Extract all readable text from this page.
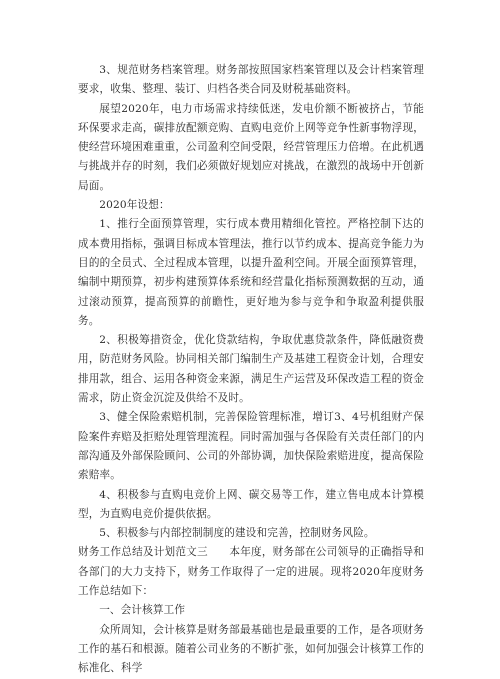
3、规范财务档案管理。财务部按照国家档案管理以及会计档案管理要求，收集、整理、装订、归档各类合同及财税基础资料。

展望2020年，电力市场需求持续低迷，发电价额不断被挤占，节能环保要求走高，碳排放配额竞购、直购电竞价上网等竞争性新事物浮现，使经营环境困难重重，公司盈利空间受限，经营管理压力倍增。在此机遇与挑战并存的时刻，我们必须做好规划应对挑战，在激烈的战场中开创新局面。

2020年设想：

1、推行全面预算管理，实行成本费用精细化管控。严格控制下达的成本费用指标，强调目标成本管理法，推行以节约成本、提高竞争能力为目的的全员式、全过程成本管理，以提升盈利空间。开展全面预算管理，编制中期预算，初步构建预算体系统和经营量化指标预测数据的互动，通过滚动预算，提高预算的前瞻性，更好地为参与竞争和争取盈利提供服务。

2、积极筹措资金，优化贷款结构，争取优惠贷款条件，降低融资费用，防范财务风险。协同相关部门编制生产及基建工程资金计划，合理安排用款，组合、运用各种资金来源，满足生产运营及环保改造工程的资金需求，防止资金沉淀及供给不及时。

3、健全保险索赔机制，完善保险管理标准，增订3、4号机组财产保险案件弃赔及拒赔处理管理流程。同时需加强与各保险有关责任部门的内部沟通及外部保险顾问、公司的外部协调，加快保险索赔进度，提高保险索赔率。

4、积极参与直购电竞价上网、碳交易等工作，建立售电成本计算模型，为直购电竞价提供依据。

5、积极参与内部控制制度的建设和完善，控制财务风险。

财务工作总结及计划范文三　　本年度，财务部在公司领导的正确指导和各部门的大力支持下，财务工作取得了一定的进展。现将2020年度财务工作总结如下：

一、会计核算工作

众所周知，会计核算是财务部最基础也是最重要的工作，是各项财务工作的基石和根源。随着公司业务的不断扩张，如何加强会计核算工作的标准化、科学
